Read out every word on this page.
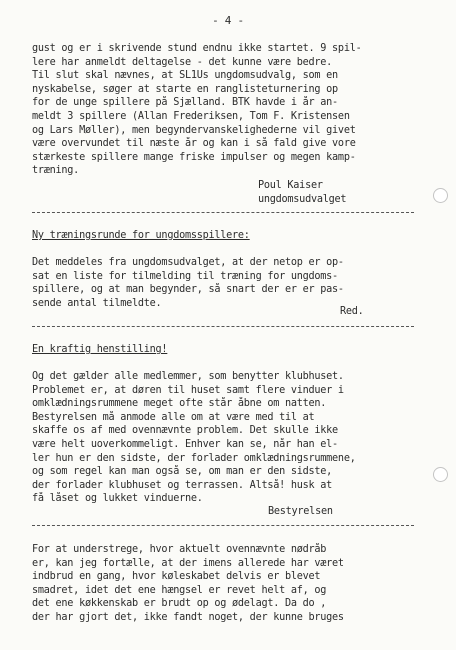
- 4 -
gust og er i skrivende stund endnu ikke startet. 9 spil-
lere har anmeldt deltagelse - det kunne være bedre.
Til slut skal nævnes, at SL1Us ungdomsudvalg, som en
nyskabelse, søger at starte en ranglisteturnering op
for de unge spillere på Sjælland. BTK havde i år an-
meldt 3 spillere (Allan Frederiksen, Tom F. Kristensen
og Lars Møller), men begyndervanskelighederne vil givet
være overvundet til næste år og kan i så fald give vore
stærkeste spillere mange friske impulser og megen kamp-
træning.
Poul Kaiser
ungdomsudvalget
Ny træningsrunde for ungdomsspillere:
Det meddeles fra ungdomsudvalget, at der netop er op-
sat en liste for tilmelding til træning for ungdoms-
spillere, og at man begynder, så snart der er er pas-
sende antal tilmeldte.
Red.
En kraftig henstilling!
Og det gælder alle medlemmer, som benytter klubhuset.
Problemet er, at døren til huset samt flere vinduer i
omklædningsrummene meget ofte står åbne om natten.
Bestyrelsen må anmode alle om at være med til at
skaffe os af med ovennævnte problem. Det skulle ikke
være helt uoverkommeligt. Enhver kan se, når han el-
ler hun er den sidste, der forlader omklædningsrummene,
og som regel kan man også se, om man er den sidste,
der forlader klubhuset og terrassen. Altså! husk at
få låset og lukket vinduerne.
Bestyrelsen
For at understrege, hvor aktuelt ovennævnte nødråb
er, kan jeg fortælle, at der imens allerede har været
indbrud en gang, hvor køleskabet delvis er blevet
smadret, idet det ene hængsel er revet helt af, og
det ene køkkenskab er brudt op og ødelagt. Da do ,
der har gjort det, ikke fandt noget, der kunne bruges
